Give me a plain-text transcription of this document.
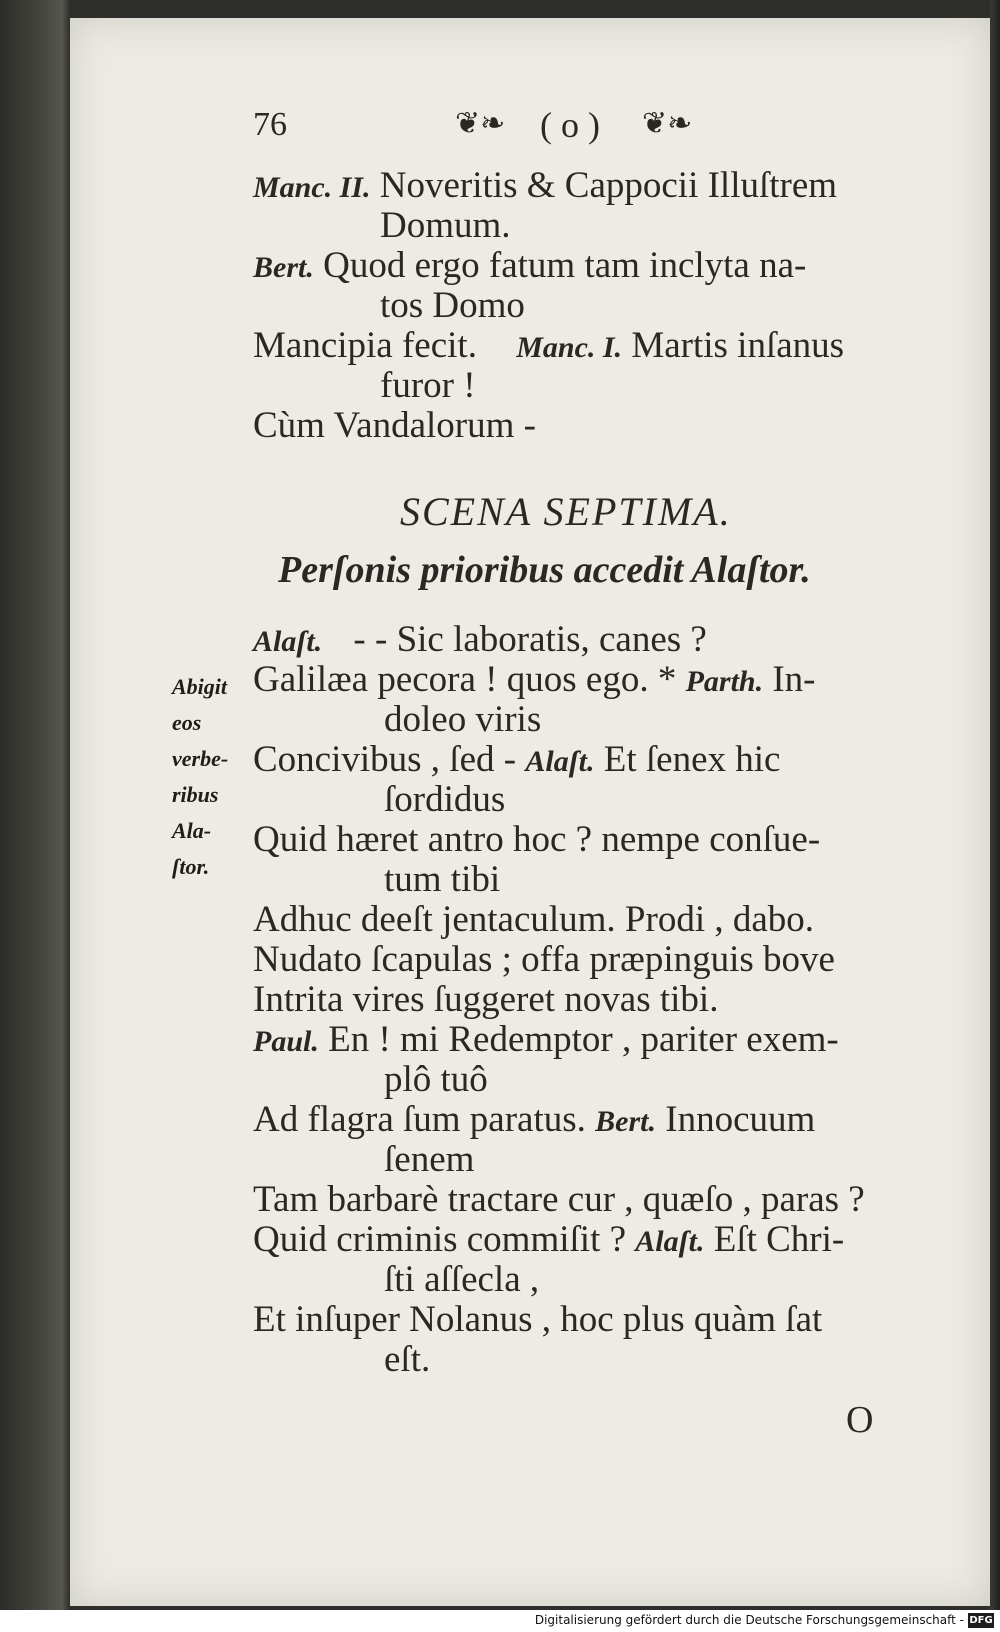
76	❦❧ ( o ) ❦❧
Manc. II. Noveritis & Cappocii Illuſtrem
Domum.
Bert. Quod ergo fatum tam inclyta na-
tos Domo
Mancipia fecit. Manc. I. Martis inſanus
furor !
Cùm Vandalorum -
SCENA SEPTIMA.
Perſonis prioribus accedit Alaſtor.
Abigit
eos
verbe-
ribus
Ala-
ſtor.
Alaſt. - - Sic laboratis, canes ?
Galilæa pecora ! quos ego. * Parth. In-
doleo viris
Concivibus , ſed - Alaſt. Et ſenex hic
ſordidus
Quid hæret antro hoc ? nempe conſue-
tum tibi
Adhuc deeſt jentaculum. Prodi , dabo.
Nudato ſcapulas ; offa præpinguis bove
Intrita vires ſuggeret novas tibi.
Paul. En ! mi Redemptor , pariter exem-
plô tuô
Ad flagra ſum paratus. Bert. Innocuum
ſenem
Tam barbarè tractare cur , quæſo , paras ?
Quid criminis commiſit ? Alaſt. Eſt Chri-
ſti aſſecla ,
Et inſuper Nolanus , hoc plus quàm ſat
eſt.
O
Digitalisierung gefördert durch die Deutsche Forschungsgemeinschaft - DFG
